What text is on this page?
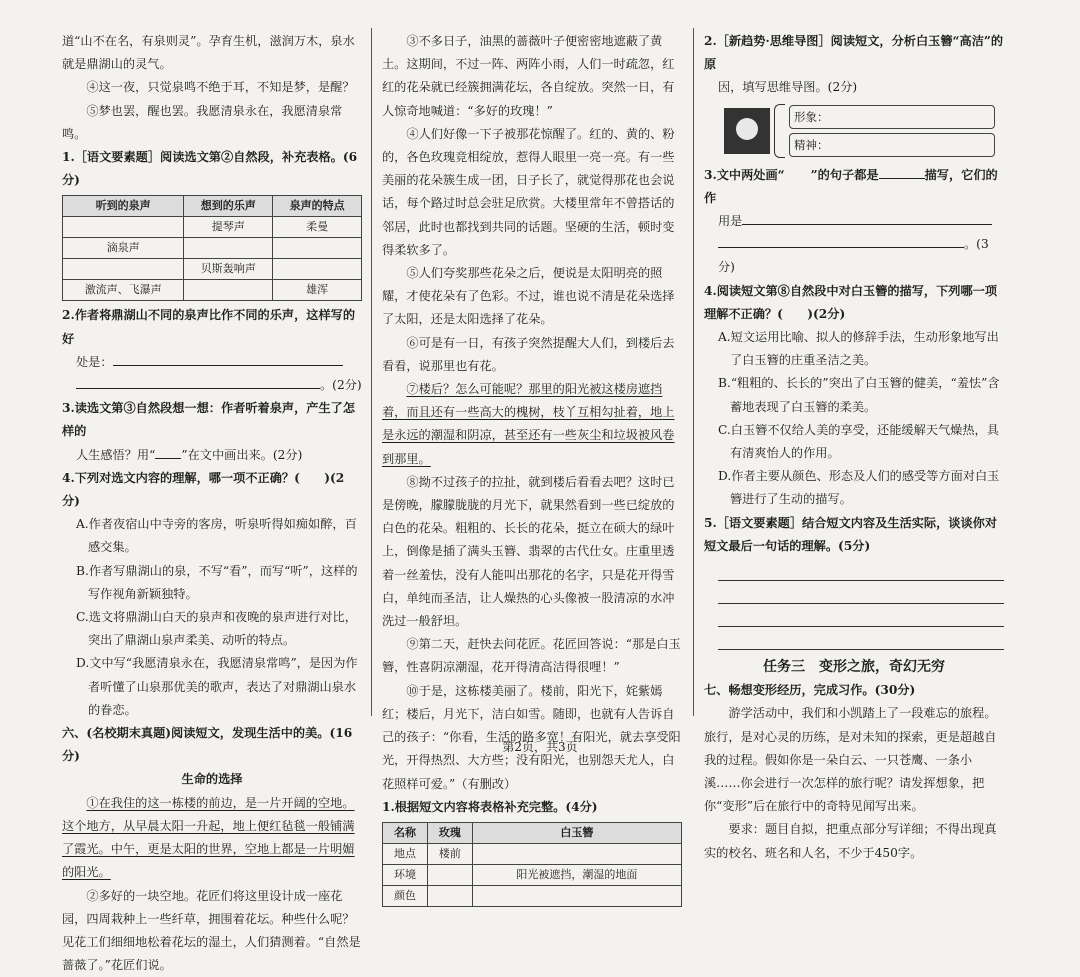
道“山不在名，有泉则灵”。孕育生机，滋润万木，泉水就是鼎湖山的灵气。

④这一夜，只觉泉鸣不绝于耳，不知是梦，是醒？

⑤梦也罢，醒也罢。我愿清泉永在，我愿清泉常鸣。

1.［语文要素题］阅读选文第②自然段，补充表格。(6分)

听到的泉声	想到的乐声	泉声的特点
	提琴声	柔曼
滴泉声		
	贝斯轰响声	
激流声、飞瀑声		雄浑

2.作者将鼎湖山不同的泉声比作不同的乐声，这样写的好

处是：

。(2分)

3.读选文第③自然段想一想：作者听着泉声，产生了怎样的

人生感悟？用“ ”在文中画出来。(2分)

4.下列对选文内容的理解，哪一项不正确？(　　)(2分)

A.作者夜宿山中寺旁的客房，听泉听得如痴如醉，百感交集。

B.作者写鼎湖山的泉，不写“看”，而写“听”，这样的写作视角新颖独特。

C.选文将鼎湖山白天的泉声和夜晚的泉声进行对比，突出了鼎湖山泉声柔美、动听的特点。

D.文中写“我愿清泉永在，我愿清泉常鸣”，是因为作者听懂了山泉那优美的歌声，表达了对鼎湖山泉水的眷恋。

六、(名校期末真题)阅读短文，发现生活中的美。(16分)

生命的选择

①在我住的这一栋楼的前边，是一片开阔的空地。这个地方，从早晨太阳一升起，地上便红毡毯一般铺满了霞光。中午，更是太阳的世界，空地上都是一片明媚的阳光。

②多好的一块空地。花匠们将这里设计成一座花园，四周栽种上一些纤草，拥围着花坛。种些什么呢？见花工们细细地松着花坛的湿土，人们猜测着。“自然是蔷薇了。”花匠们说。

③不多日子，油黑的蔷薇叶子便密密地遮蔽了黄土。这期间，不过一阵、两阵小雨，人们一时疏忽，红红的花朵就已经簇拥满花坛，各自绽放。突然一日，有人惊奇地喊道：“多好的玫瑰！”

④人们好像一下子被那花惊醒了。红的、黄的、粉的，各色玫瑰竞相绽放，惹得人眼里一亮一亮。有一些美丽的花朵簇生成一团，日子长了，就觉得那花也会说话，每个路过时总会驻足欣赏。大楼里常年不曾搭话的邻居，此时也都找到共同的话题。坚硬的生活，顿时变得柔软多了。

⑤人们夸奖那些花朵之后，便说是太阳明亮的照耀，才使花朵有了色彩。不过，谁也说不清是花朵选择了太阳，还是太阳选择了花朵。

⑥可是有一日，有孩子突然提醒大人们，到楼后去看看，说那里也有花。

⑦楼后？怎么可能呢？那里的阳光被这楼房遮挡着，而且还有一些高大的槐树，枝丫互相勾扯着，地上是永远的潮湿和阴凉，甚至还有一些灰尘和垃圾被风卷到那里。

⑧拗不过孩子的拉扯，就到楼后看看去吧？这时已是傍晚，朦朦胧胧的月光下，就果然看到一些已绽放的白色的花朵。粗粗的、长长的花朵，挺立在硕大的绿叶上，倒像是插了满头玉簪、翡翠的古代仕女。庄重里透着一丝羞怯，没有人能叫出那花的名字，只是花开得雪白，单纯而圣洁，让人燥热的心头像被一股清凉的水冲洗过一般舒坦。

⑨第二天，赶快去问花匠。花匠回答说：“那是白玉簪，性喜阴凉潮湿，花开得清高洁得很哩！”

⑩于是，这栋楼美丽了。楼前，阳光下，姹紫嫣红；楼后，月光下，洁白如雪。随即，也就有人告诉自己的孩子：“你看，生活的路多宽！有阳光，就去享受阳光，开得热烈、大方些；没有阳光，也别怨天尤人，白花照样可爱。”（有删改）

1.根据短文内容将表格补充完整。(4分)

名称	玫瑰	白玉簪
地点	楼前	
环境		阳光被遮挡，潮湿的地面
颜色		

2.［新趋势·思维导图］阅读短文，分析白玉簪“高洁”的原

因，填写思维导图。(2分)

形象：
精神：

3.文中两处画“ ”的句子都是	描写，它们的作

用是

。(3分)

4.阅读短文第⑧自然段中对白玉簪的描写，下列哪一项理解不正确？(　　)(2分)

A.短文运用比喻、拟人的修辞手法，生动形象地写出了白玉簪的庄重圣洁之美。

B.“粗粗的、长长的”突出了白玉簪的健美，“羞怯”含蓄地表现了白玉簪的柔美。

C.白玉簪不仅给人美的享受，还能缓解天气燥热，具有清爽怡人的作用。

D.作者主要从颜色、形态及人们的感受等方面对白玉簪进行了生动的描写。

5.［语文要素题］结合短文内容及生活实际，谈谈你对短文最后一句话的理解。(5分)

任务三　变形之旅，奇幻无穷

七、畅想变形经历，完成习作。(30分)

游学活动中，我们和小凯踏上了一段难忘的旅程。旅行，是对心灵的历练，是对未知的探索，更是超越自我的过程。假如你是一朵白云、一只苍鹰、一条小溪……你会进行一次怎样的旅行呢？请发挥想象，把你“变形”后在旅行中的奇特见闻写出来。

要求：题目自拟，把重点部分写详细；不得出现真实的校名、班名和人名，不少于450字。

第2页，共3页
